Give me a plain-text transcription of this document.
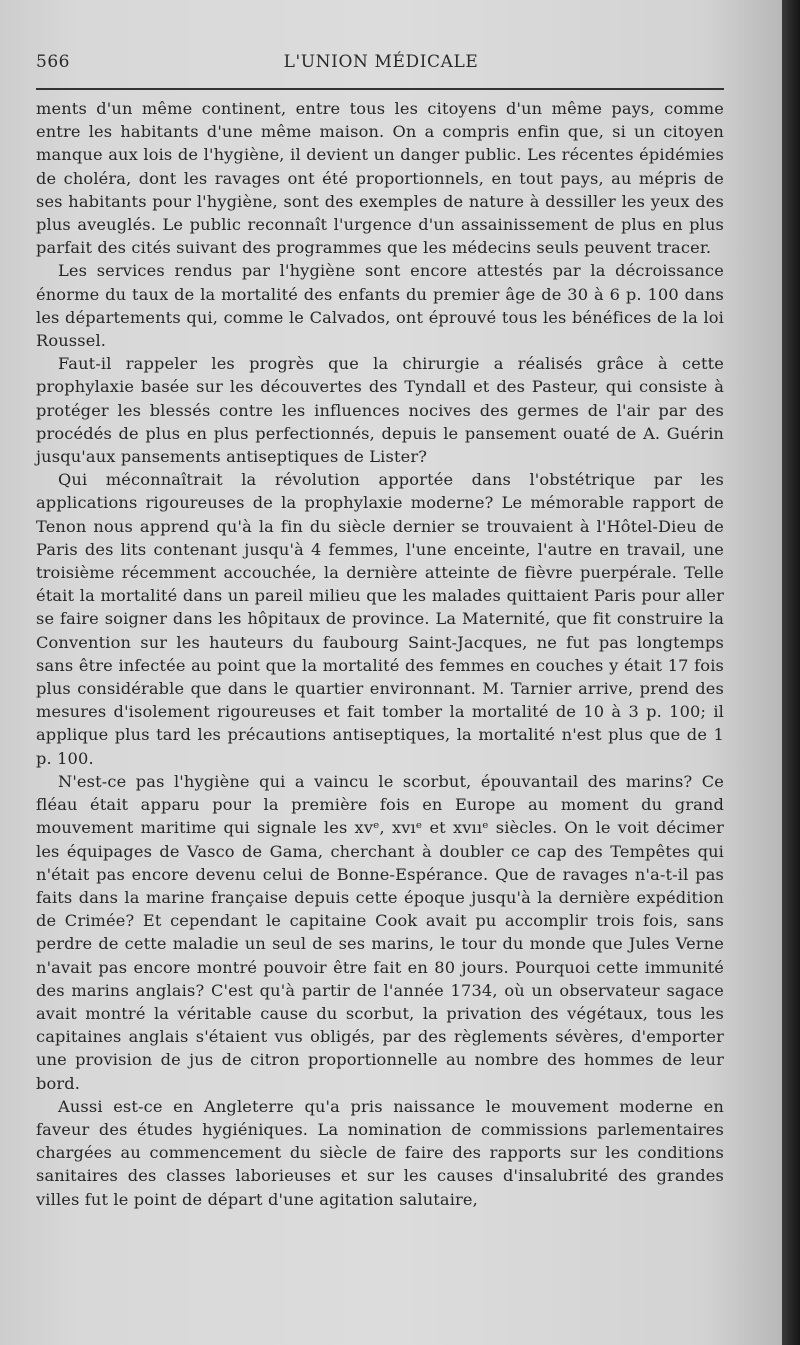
566	L'UNION MÉDICALE

ments d'un même continent, entre tous les citoyens d'un même pays, comme entre les habitants d'une même maison. On a compris enfin que, si un citoyen manque aux lois de l'hygiène, il devient un danger public. Les récentes épidémies de choléra, dont les ravages ont été proportionnels, en tout pays, au mépris de ses habitants pour l'hygiène, sont des exemples de nature à dessiller les yeux des plus aveuglés. Le public reconnaît l'urgence d'un assainissement de plus en plus parfait des cités suivant des programmes que les médecins seuls peuvent tracer.

Les services rendus par l'hygiène sont encore attestés par la décroissance énorme du taux de la mortalité des enfants du premier âge de 30 à 6 p. 100 dans les départements qui, comme le Calvados, ont éprouvé tous les bénéfices de la loi Roussel.

Faut-il rappeler les progrès que la chirurgie a réalisés grâce à cette prophylaxie basée sur les découvertes des Tyndall et des Pasteur, qui consiste à protéger les blessés contre les influences nocives des germes de l'air par des procédés de plus en plus perfectionnés, depuis le pansement ouaté de A. Guérin jusqu'aux pansements antiseptiques de Lister?

Qui méconnaîtrait la révolution apportée dans l'obstétrique par les applications rigoureuses de la prophylaxie moderne? Le mémorable rapport de Tenon nous apprend qu'à la fin du siècle dernier se trouvaient à l'Hôtel-Dieu de Paris des lits contenant jusqu'à 4 femmes, l'une enceinte, l'autre en travail, une troisième récemment accouchée, la dernière atteinte de fièvre puerpérale. Telle était la mortalité dans un pareil milieu que les malades quittaient Paris pour aller se faire soigner dans les hôpitaux de province. La Maternité, que fit construire la Convention sur les hauteurs du faubourg Saint-Jacques, ne fut pas longtemps sans être infectée au point que la mortalité des femmes en couches y était 17 fois plus considérable que dans le quartier environnant. M. Tarnier arrive, prend des mesures d'isolement rigoureuses et fait tomber la mortalité de 10 à 3 p. 100; il applique plus tard les précautions antiseptiques, la mortalité n'est plus que de 1 p. 100.

N'est-ce pas l'hygiène qui a vaincu le scorbut, épouvantail des marins? Ce fléau était apparu pour la première fois en Europe au moment du grand mouvement maritime qui signale les xvᵉ, xvıᵉ et xvııᵉ siècles. On le voit décimer les équipages de Vasco de Gama, cherchant à doubler ce cap des Tempêtes qui n'était pas encore devenu celui de Bonne-Espérance. Que de ravages n'a-t-il pas faits dans la marine française depuis cette époque jusqu'à la dernière expédition de Crimée? Et cependant le capitaine Cook avait pu accomplir trois fois, sans perdre de cette maladie un seul de ses marins, le tour du monde que Jules Verne n'avait pas encore montré pouvoir être fait en 80 jours. Pourquoi cette immunité des marins anglais? C'est qu'à partir de l'année 1734, où un observateur sagace avait montré la véritable cause du scorbut, la privation des végétaux, tous les capitaines anglais s'étaient vus obligés, par des règlements sévères, d'emporter une provision de jus de citron proportionnelle au nombre des hommes de leur bord.

Aussi est-ce en Angleterre qu'a pris naissance le mouvement moderne en faveur des études hygiéniques. La nomination de commissions parlementaires chargées au commencement du siècle de faire des rapports sur les conditions sanitaires des classes laborieuses et sur les causes d'insalubrité des grandes villes fut le point de départ d'une agitation salutaire,
